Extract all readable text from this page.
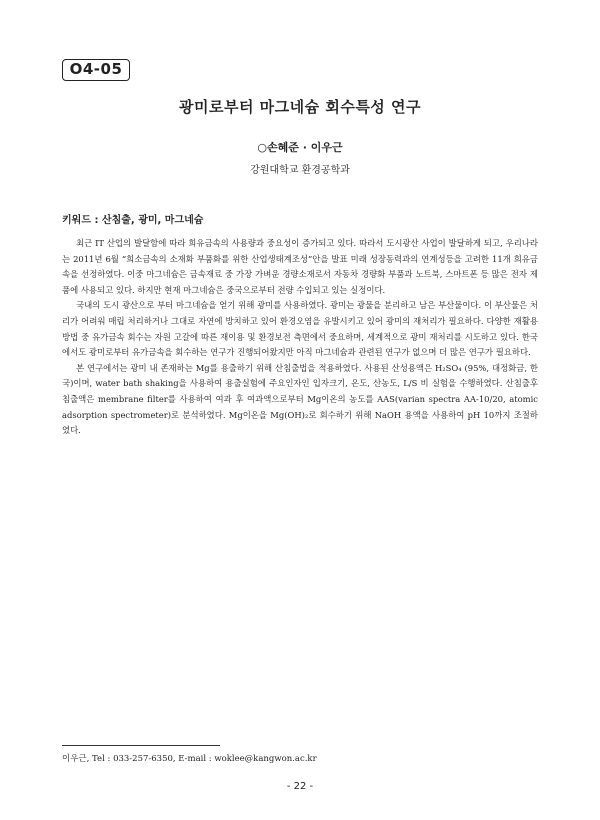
O4-05
광미로부터 마그네슘 회수특성 연구
○손혜준 · 이우근
강원대학교 환경공학과
키워드 : 산침출, 광미, 마그네슘

최근 IT 산업의 발달함에 따라 희유금속의 사용량과 중요성이 증가되고 있다. 따라서 도시광산 사업이 발달하게 되고, 우리나라는 2011년 6월 “희소금속의 소재화 부품화를 위한 산업생태계조성”안을 발표 미래 성장동력과의 연계성등을 고려한 11개 희유금속을 선정하였다. 이중 마그네슘은 금속재료 중 가장 가벼운 경량소재로서 자동차 경량화 부품과 노트북, 스마트폰 등 많은 전자 제품에 사용되고 있다. 하지만 현재 마그네슘은 중국으로부터 전량 수입되고 있는 실정이다.

국내의 도시 광산으로 부터 마그네슘을 얻기 위해 광미를 사용하였다. 광미는 광물을 분리하고 남은 부산물이다. 이 부산물은 처리가 어려워 매립 처리하거나 그대로 자연에 방치하고 있어 환경오염을 유발시키고 있어 광미의 재처리가 필요하다. 다양한 재활용 방법 중 유가금속 회수는 자원 고갈에 따른 재이용 및 환경보전 측면에서 중요하며, 세계적으로 광미 재처리를 시도하고 있다. 한국에서도 광미로부터 유가금속을 회수하는 연구가 진행되어왔지만 아직 마그네슘과 관련된 연구가 없으며 더 많은 연구가 필요하다.

본 연구에서는 광미 내 존재하는 Mg를 용출하기 위해 산침출법을 적용하였다. 사용된 산성용액은 H₂SO₄ (95%, 대정화금, 한국)이며, water bath shaking을 사용하여 용출실험에 주요인자인 입자크기, 온도, 산농도, L/S 비 실험을 수행하였다. 산침출후 침출액은 membrane filter를 사용하여 여과 후 여과액으로부터 Mg이온의 농도를 AAS(varian spectra AA-10/20, atomic adsorption spectrometer)로 분석하였다. Mg이온을 Mg(OH)₂로 회수하기 위해 NaOH 용액을 사용하여 pH 10까지 조절하였다.

이우근, Tel : 033-257-6350, E-mail : woklee@kangwon.ac.kr
- 22 -
